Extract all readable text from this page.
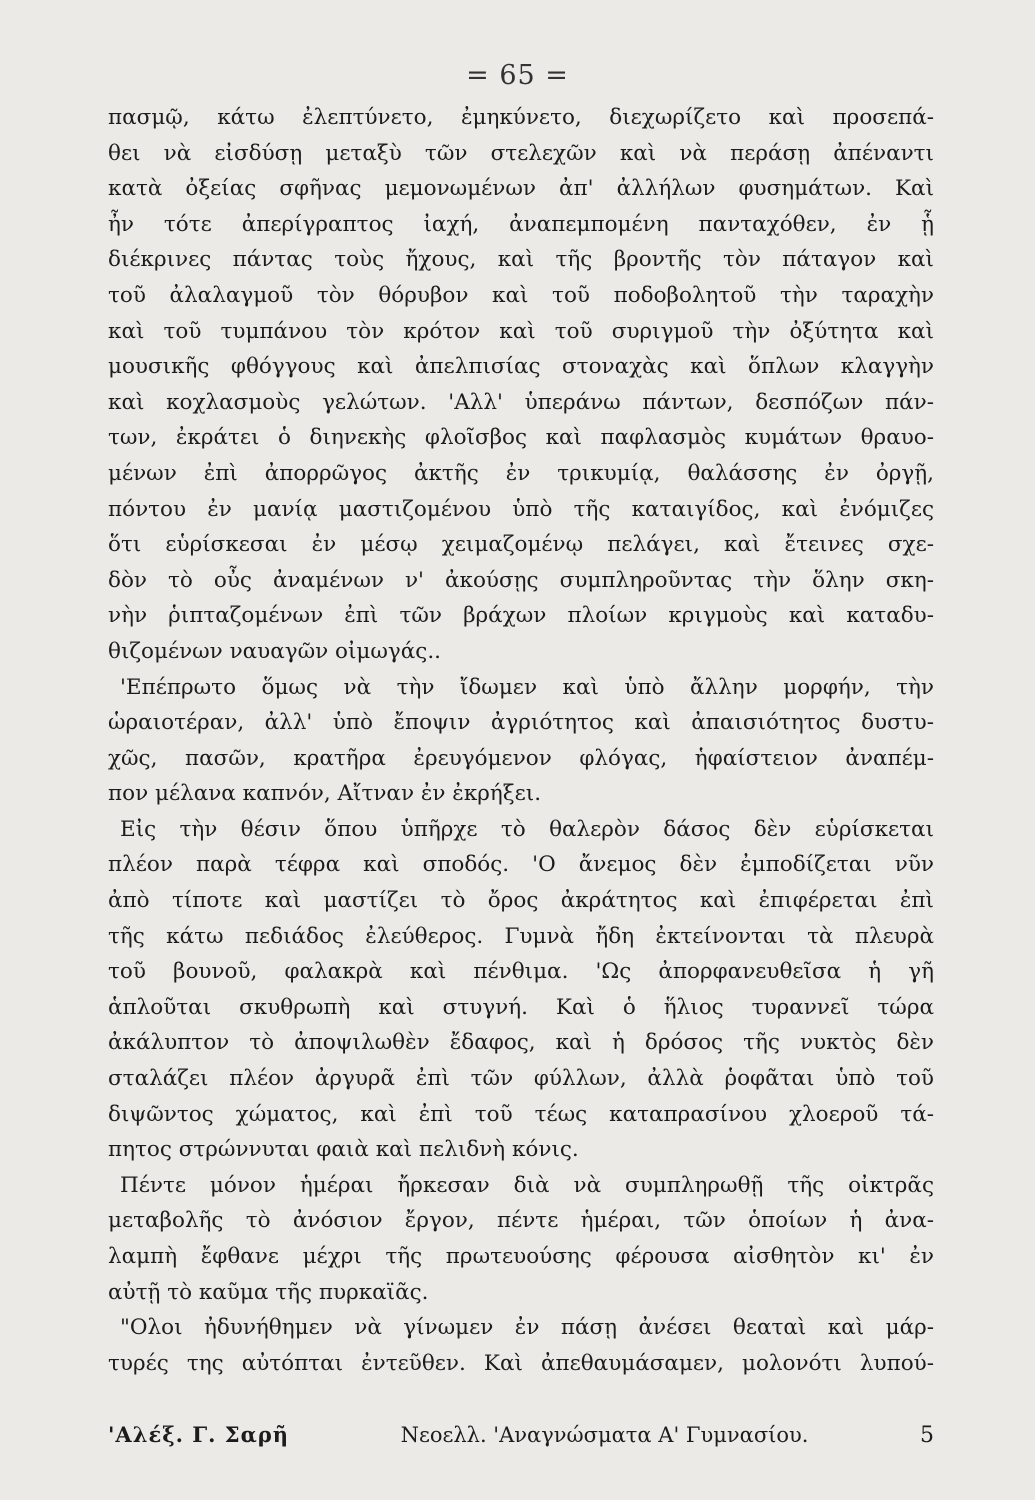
= 65 =
πασμῷ, κάτω ἐλεπτύνετο, ἐμηκύνετο, διεχωρίζετο καὶ προσεπά-
θει νὰ εἰσδύσῃ μεταξὺ τῶν στελεχῶν καὶ νὰ περάσῃ ἀπέναντι
κατὰ ὀξείας σφῆνας μεμονωμένων ἀπ' ἀλλήλων φυσημάτων. Καὶ
ἦν τότε ἀπερίγραπτος ἰαχή, ἀναπεμπομένη πανταχόθεν, ἐν ᾗ
διέκρινες πάντας τοὺς ἤχους, καὶ τῆς βροντῆς τὸν πάταγον καὶ
τοῦ ἀλαλαγμοῦ τὸν θόρυβον καὶ τοῦ ποδοβολητοῦ τὴν ταραχὴν
καὶ τοῦ τυμπάνου τὸν κρότον καὶ τοῦ συριγμοῦ τὴν ὀξύτητα καὶ
μουσικῆς φθόγγους καὶ ἀπελπισίας στοναχὰς καὶ ὅπλων κλαγγὴν
καὶ κοχλασμοὺς γελώτων. 'Αλλ' ὑπεράνω πάντων, δεσπόζων πάν-
των, ἐκράτει ὁ διηνεκὴς φλοῖσβος καὶ παφλασμὸς κυμάτων θραυο-
μένων ἐπὶ ἀπορρῶγος ἀκτῆς ἐν τρικυμίᾳ, θαλάσσης ἐν ὀργῇ,
πόντου ἐν μανίᾳ μαστιζομένου ὑπὸ τῆς καταιγίδος, καὶ ἐνόμιζες
ὅτι εὑρίσκεσαι ἐν μέσῳ χειμαζομένῳ πελάγει, καὶ ἔτεινες σχε-
δὸν τὸ οὖς ἀναμένων ν' ἀκούσῃς συμπληροῦντας τὴν ὅλην σκη-
νὴν ῥιπταζομένων ἐπὶ τῶν βράχων πλοίων κριγμοὺς καὶ καταδυ-
θιζομένων ναυαγῶν οἰμωγάς..
'Επέπρωτο ὅμως νὰ τὴν ἴδωμεν καὶ ὑπὸ ἄλλην μορφήν, τὴν
ὡραιοτέραν, ἀλλ' ὑπὸ ἔποψιν ἀγριότητος καὶ ἀπαισιότητος δυστυ-
χῶς, πασῶν, κρατῆρα ἐρευγόμενον φλόγας, ἡφαίστειον ἀναπέμ-
πον μέλανα καπνόν, Αἴτναν ἐν ἐκρήξει.
Εἰς τὴν θέσιν ὅπου ὑπῆρχε τὸ θαλερὸν δάσος δὲν εὑρίσκεται
πλέον παρὰ τέφρα καὶ σποδός. 'Ο ἄνεμος δὲν ἐμποδίζεται νῦν
ἀπὸ τίποτε καὶ μαστίζει τὸ ὄρος ἀκράτητος καὶ ἐπιφέρεται ἐπὶ
τῆς κάτω πεδιάδος ἐλεύθερος. Γυμνὰ ἤδη ἐκτείνονται τὰ πλευρὰ
τοῦ βουνοῦ, φαλακρὰ καὶ πένθιμα. 'Ως ἀπορφανευθεῖσα ἡ γῆ
ἁπλοῦται σκυθρωπὴ καὶ στυγνή. Καὶ ὁ ἥλιος τυραννεῖ τώρα
ἀκάλυπτον τὸ ἀποψιλωθὲν ἔδαφος, καὶ ἡ δρόσος τῆς νυκτὸς δὲν
σταλάζει πλέον ἀργυρᾶ ἐπὶ τῶν φύλλων, ἀλλὰ ῥοφᾶται ὑπὸ τοῦ
διψῶντος χώματος, καὶ ἐπὶ τοῦ τέως καταπρασίνου χλοεροῦ τά-
πητος στρώννυται φαιὰ καὶ πελιδνὴ κόνις.
Πέντε μόνον ἡμέραι ἤρκεσαν διὰ νὰ συμπληρωθῇ τῆς οἰκτρᾶς
μεταβολῆς τὸ ἀνόσιον ἔργον, πέντε ἡμέραι, τῶν ὁποίων ἡ ἀνα-
λαμπὴ ἔφθανε μέχρι τῆς πρωτευούσης φέρουσα αἰσθητὸν κι' ἐν
αὐτῇ τὸ καῦμα τῆς πυρκαϊᾶς.
"Ολοι ἠδυνήθημεν νὰ γίνωμεν ἐν πάσῃ ἀνέσει θεαταὶ καὶ μάρ-
τυρές της αὐτόπται ἐντεῦθεν. Καὶ ἀπεθαυμάσαμεν, μολονότι λυπού-
'Αλέξ. Γ. Σαρῆ	Νεοελλ. 'Αναγνώσματα Α' Γυμνασίου.	5
